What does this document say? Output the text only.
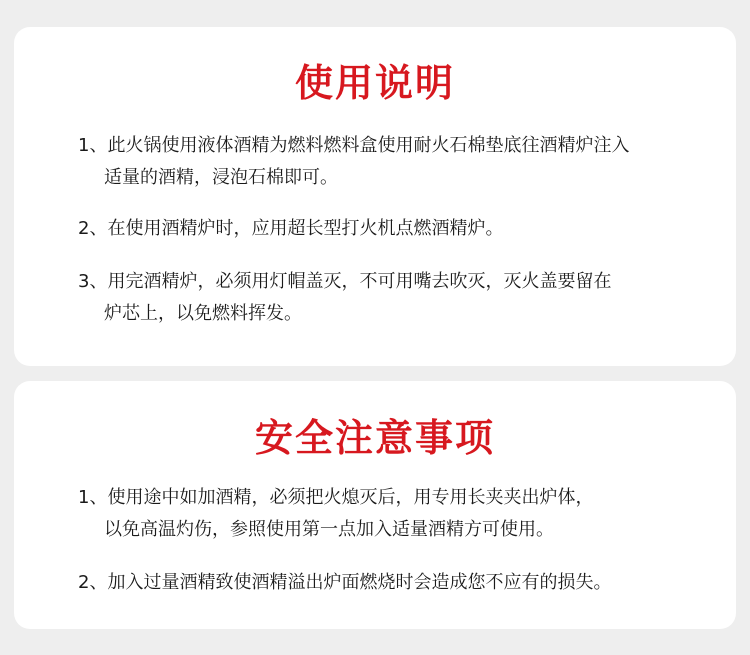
使用说明
1、此火锅使用液体酒精为燃料燃料盒使用耐火石棉垫底往酒精炉注入
适量的酒精，浸泡石棉即可。
2、在使用酒精炉时，应用超长型打火机点燃酒精炉。
3、用完酒精炉，必须用灯帽盖灭，不可用嘴去吹灭，灭火盖要留在
炉芯上，以免燃料挥发。
安全注意事项
1、使用途中如加酒精，必须把火熄灭后，用专用长夹夹出炉体，
以免高温灼伤，参照使用第一点加入适量酒精方可使用。
2、加入过量酒精致使酒精溢出炉面燃烧时会造成您不应有的损失。
